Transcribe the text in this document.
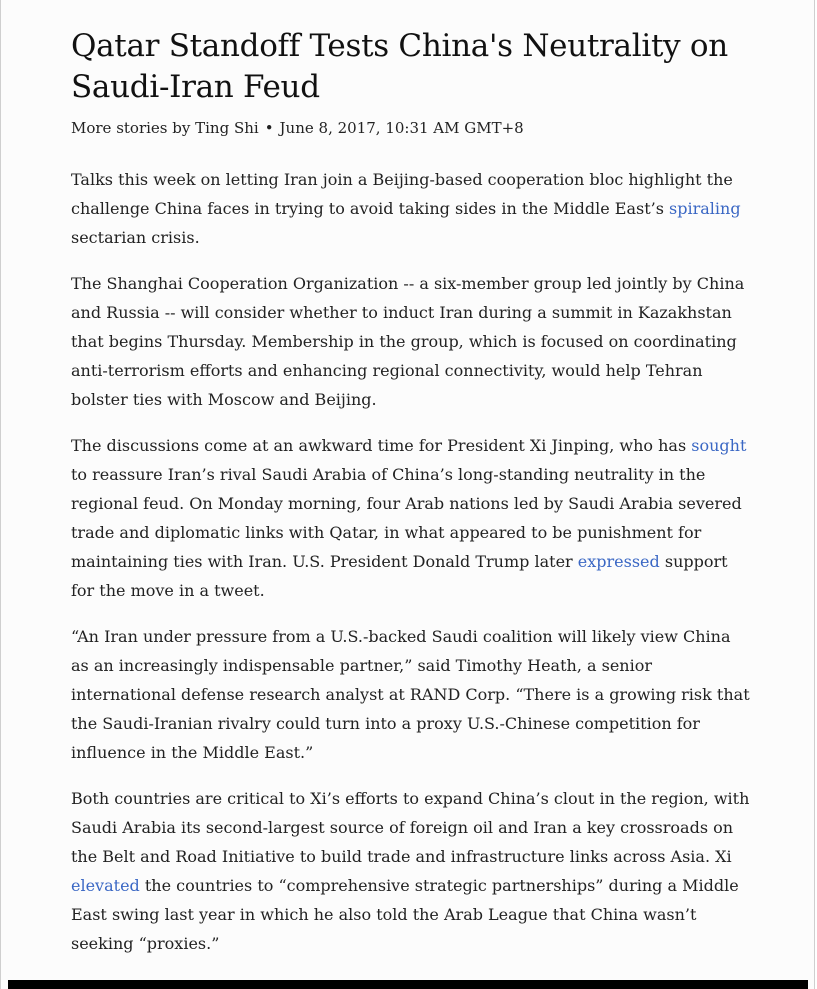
Qatar Standoff Tests China's Neutrality on Saudi-Iran Feud
More stories by Ting Shi • June 8, 2017, 10:31 AM GMT+8

Talks this week on letting Iran join a Beijing-based cooperation bloc highlight the challenge China faces in trying to avoid taking sides in the Middle East’s spiraling sectarian crisis.

The Shanghai Cooperation Organization -- a six-member group led jointly by China and Russia -- will consider whether to induct Iran during a summit in Kazakhstan that begins Thursday. Membership in the group, which is focused on coordinating anti-terrorism efforts and enhancing regional connectivity, would help Tehran bolster ties with Moscow and Beijing.

The discussions come at an awkward time for President Xi Jinping, who has sought to reassure Iran’s rival Saudi Arabia of China’s long-standing neutrality in the regional feud. On Monday morning, four Arab nations led by Saudi Arabia severed trade and diplomatic links with Qatar, in what appeared to be punishment for maintaining ties with Iran. U.S. President Donald Trump later expressed support for the move in a tweet.

“An Iran under pressure from a U.S.-backed Saudi coalition will likely view China as an increasingly indispensable partner,” said Timothy Heath, a senior international defense research analyst at RAND Corp. “There is a growing risk that the Saudi-Iranian rivalry could turn into a proxy U.S.-Chinese competition for influence in the Middle East.”

Both countries are critical to Xi’s efforts to expand China’s clout in the region, with Saudi Arabia its second-largest source of foreign oil and Iran a key crossroads on the Belt and Road Initiative to build trade and infrastructure links across Asia. Xi elevated the countries to “comprehensive strategic partnerships” during a Middle East swing last year in which he also told the Arab League that China wasn’t seeking “proxies.”
